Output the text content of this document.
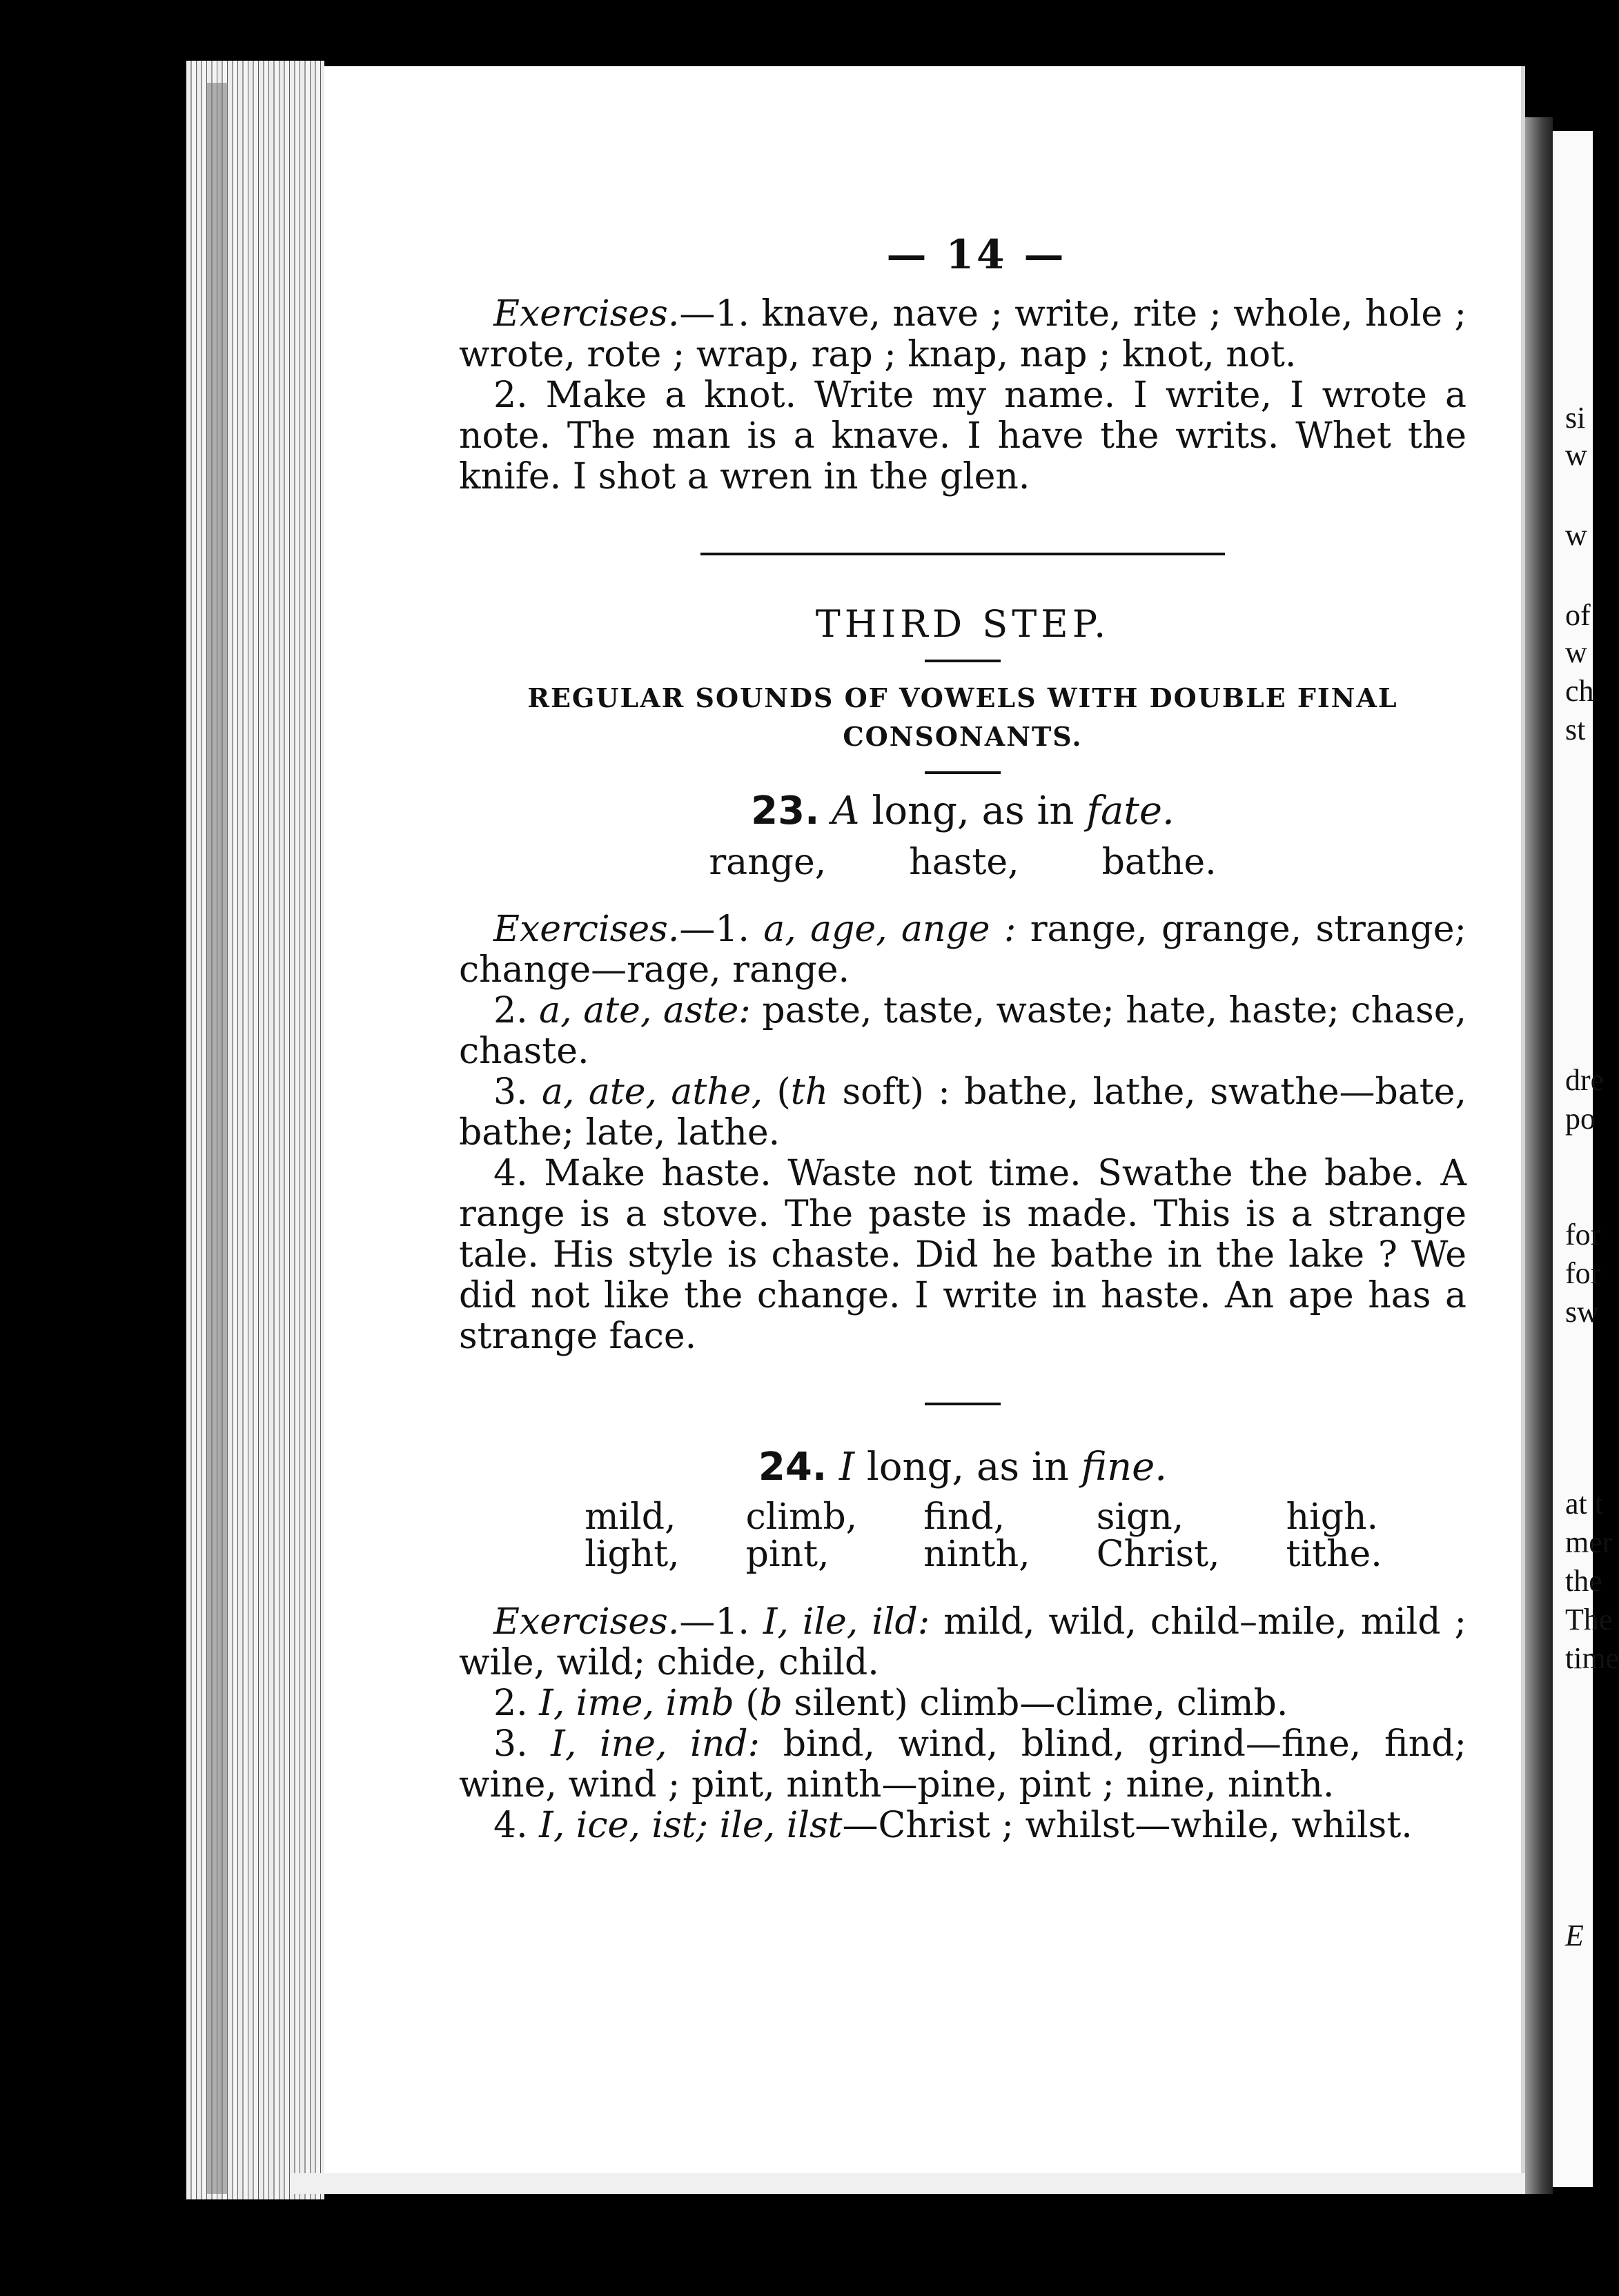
si
w
w
of
w
ch
st
dre
po
for
for
sw
at t
mer
the
The
time
E
— 14 —

Exercises.—1. knave, nave ; write, rite ; whole, hole ; wrote, rote ; wrap, rap ; knap, nap ; knot, not.

2. Make a knot. Write my name. I write, I wrote a note. The man is a knave. I have the writs. Whet the knife. I shot a wren in the glen.

THIRD STEP.
REGULAR SOUNDS OF VOWELS WITH DOUBLE FINAL CONSONANTS.
23. A long, as in fate.
range, haste, bathe.

Exercises.—1. a, age, ange : range, grange, strange; change—rage, range.

2. a, ate, aste: paste, taste, waste; hate, haste; chase, chaste.

3. a, ate, athe, (th soft) : bathe, lathe, swathe—bate, bathe; late, lathe.

4. Make haste. Waste not time. Swathe the babe. A range is a stove. The paste is made. This is a strange tale. His style is chaste. Did he bathe in the lake ? We did not like the change. I write in haste. An ape has a strange face.

24. I long, as in fine.
mild, climb, find,	sign,	high.
light, pint,	ninth, Christ, tithe.

Exercises.—1. I, ile, ild: mild, wild, child–mile, mild ; wile, wild; chide, child.

2. I, ime, imb (b silent) climb—clime, climb.

3. I, ine, ind: bind, wind, blind, grind—fine, find; wine, wind ; pint, ninth—pine, pint ; nine, ninth.

4. I, ice, ist; ile, ilst—Christ ; whilst—while, whilst.
